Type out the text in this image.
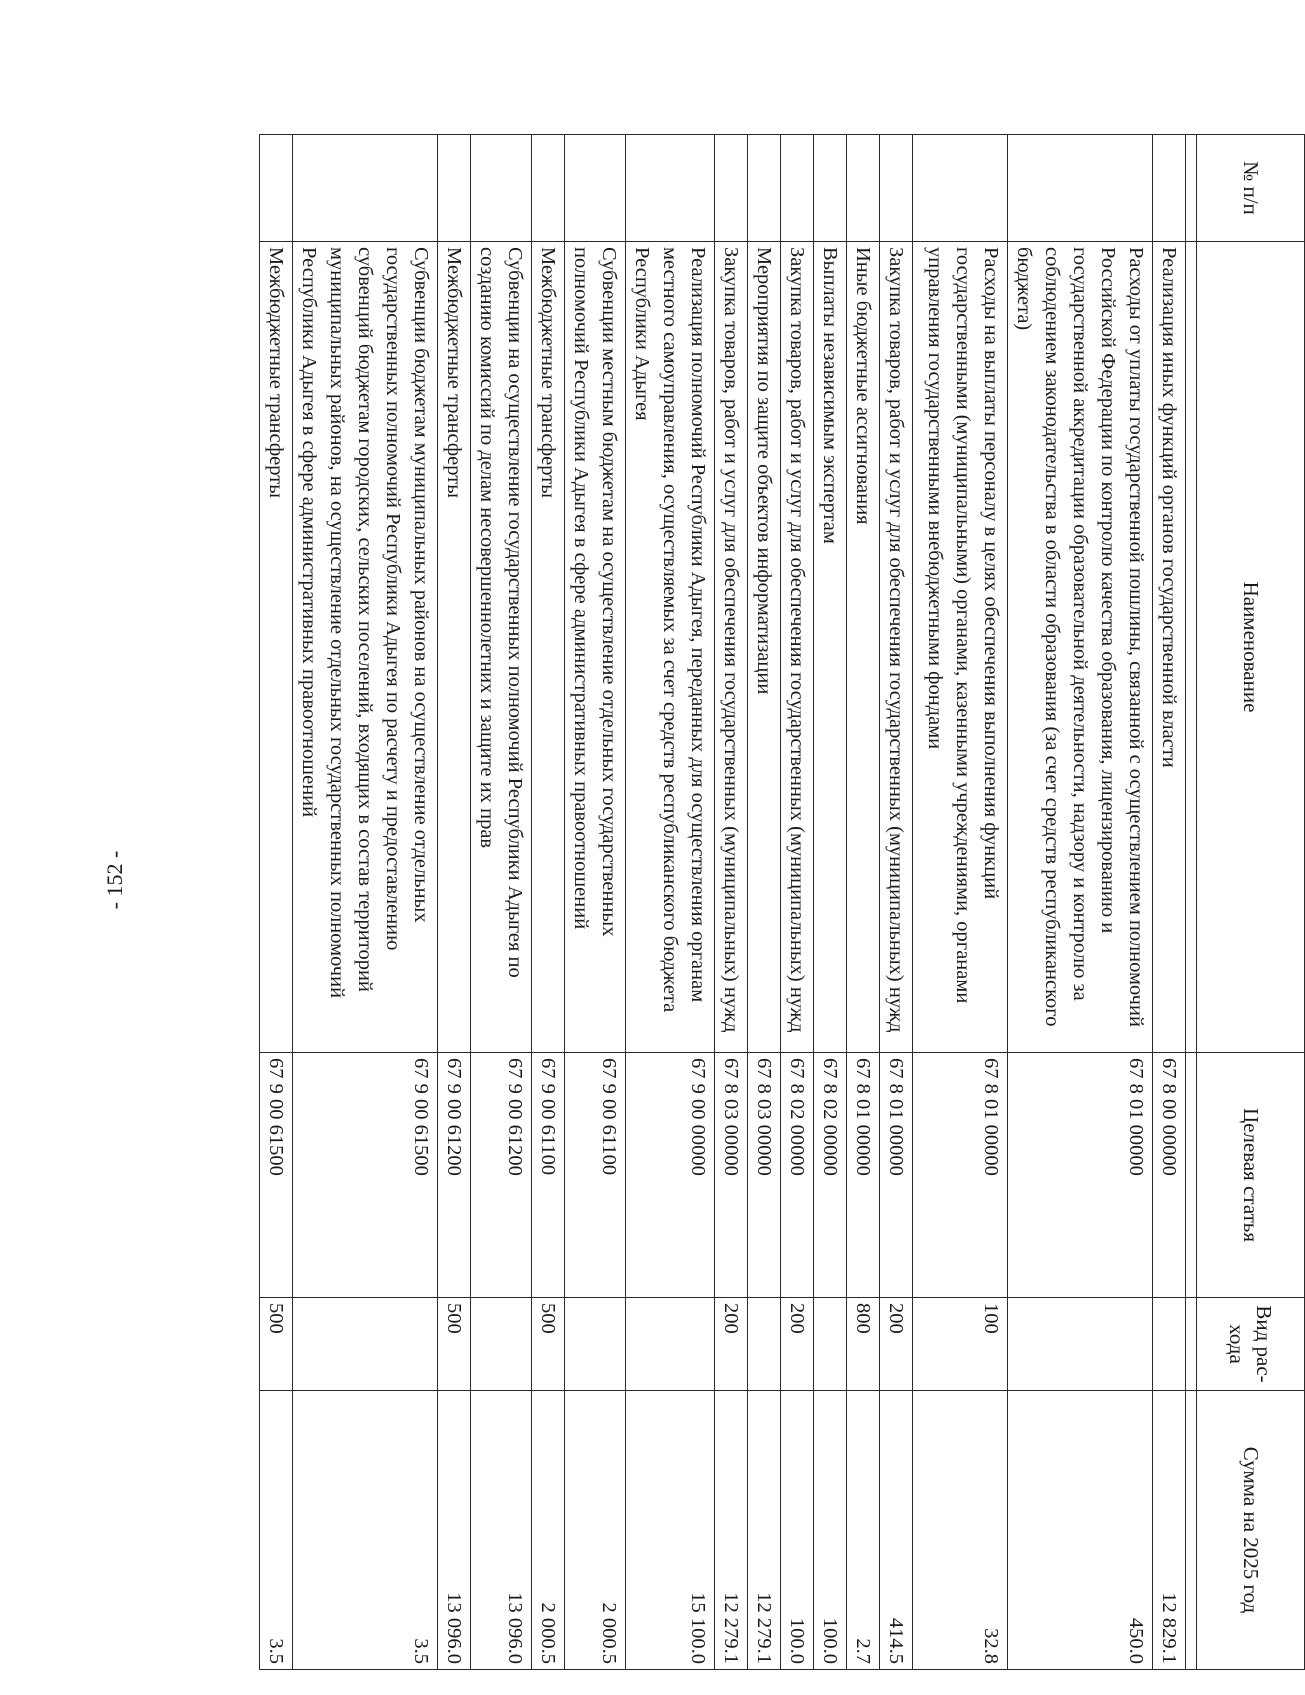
- 152 -
№ п/п	Наименование	Целевая статья	Вид рас- хода	Сумма на 2025 год

	Реализация иных функций органов государственной власти	67 8 00 00000		12 829.1
	Расходы от уплаты государственной пошлины, связанной с осуществлением полномочий Российской Федерации по контролю качества образования, лицензированию и государственной аккредитации образовательной деятельности, надзору и контролю за соблюдением законодательства в области образования (за счет средств республиканского бюджета)	67 8 01 00000		450.0
	Расходы на выплаты персоналу в целях обеспечения выполнения функций государственными (муниципальными) органами, казенными учреждениями, органами управления государственными внебюджетными фондами	67 8 01 00000	100	32.8
	Закупка товаров, работ и услуг для обеспечения государственных (муниципальных) нужд	67 8 01 00000	200	414.5
	Иные бюджетные ассигнования	67 8 01 00000	800	2.7
	Выплаты независимым экспертам	67 8 02 00000		100.0
	Закупка товаров, работ и услуг для обеспечения государственных (муниципальных) нужд	67 8 02 00000	200	100.0
	Мероприятия по защите объектов информатизации	67 8 03 00000		12 279.1
	Закупка товаров, работ и услуг для обеспечения государственных (муниципальных) нужд	67 8 03 00000	200	12 279.1
	Реализация полномочий Республики Адыгея, переданных для осуществления органам местного самоуправления, осуществляемых за счет средств республиканского бюджета Республики Адыгея	67 9 00 00000		15 100.0
	Субвенции местным бюджетам на осуществление отдельных государственных полномочий Республики Адыгея в сфере административных правоотношений	67 9 00 61100		2 000.5
	Межбюджетные трансферты	67 9 00 61100	500	2 000.5
	Субвенции на осуществление государственных полномочий Республики Адыгея по созданию комиссий по делам несовершеннолетних и защите их прав	67 9 00 61200		13 096.0
	Межбюджетные трансферты	67 9 00 61200	500	13 096.0
	Субвенции бюджетам муниципальных районов на осуществление отдельных государственных полномочий Республики Адыгея по расчету и предоставлению субвенций бюджетам городских, сельских поселений, входящих в состав территорий муниципальных районов, на осуществление отдельных государственных полномочий Республики Адыгея в сфере административных правоотношений	67 9 00 61500		3.5
	Межбюджетные трансферты	67 9 00 61500	500	3.5
